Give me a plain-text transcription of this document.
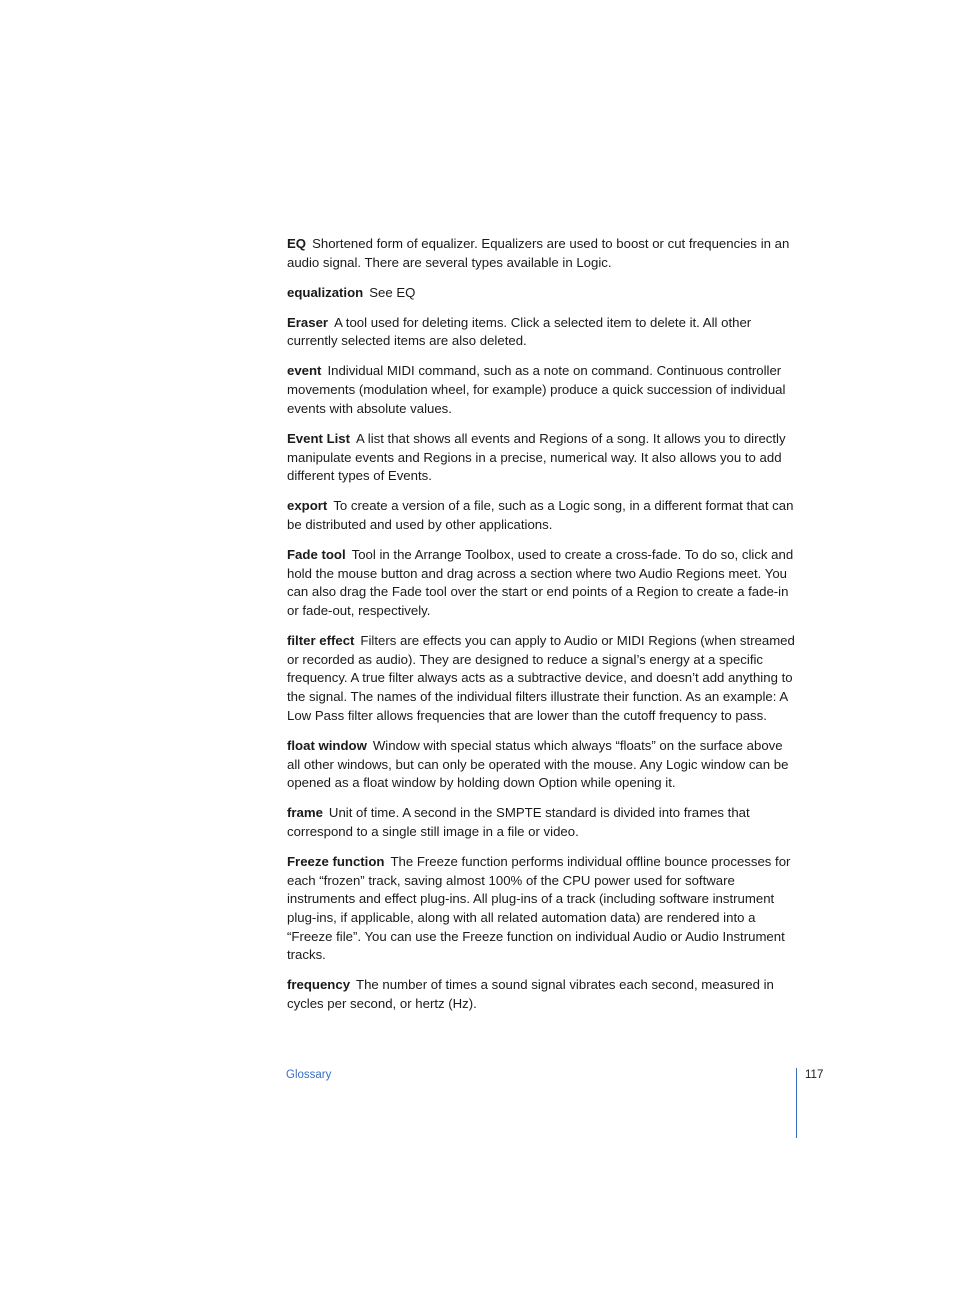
EQ Shortened form of equalizer. Equalizers are used to boost or cut frequencies in an audio signal. There are several types available in Logic.

equalization See EQ

Eraser A tool used for deleting items. Click a selected item to delete it. All other currently selected items are also deleted.

event Individual MIDI command, such as a note on command. Continuous controller movements (modulation wheel, for example) produce a quick succession of individual events with absolute values.

Event List A list that shows all events and Regions of a song. It allows you to directly manipulate events and Regions in a precise, numerical way. It also allows you to add different types of Events.

export To create a version of a file, such as a Logic song, in a different format that can be distributed and used by other applications.

Fade tool Tool in the Arrange Toolbox, used to create a cross-fade. To do so, click and hold the mouse button and drag across a section where two Audio Regions meet. You can also drag the Fade tool over the start or end points of a Region to create a fade-in or fade-out, respectively.

filter effect Filters are effects you can apply to Audio or MIDI Regions (when streamed or recorded as audio). They are designed to reduce a signal’s energy at a specific frequency. A true filter always acts as a subtractive device, and doesn’t add anything to the signal. The names of the individual filters illustrate their function. As an example: A Low Pass filter allows frequencies that are lower than the cutoff frequency to pass.

float window Window with special status which always “floats” on the surface above all other windows, but can only be operated with the mouse. Any Logic window can be opened as a float window by holding down Option while opening it.

frame Unit of time. A second in the SMPTE standard is divided into frames that correspond to a single still image in a file or video.

Freeze function The Freeze function performs individual offline bounce processes for each “frozen” track, saving almost 100% of the CPU power used for software instruments and effect plug-ins. All plug-ins of a track (including software instrument plug-ins, if applicable, along with all related automation data) are rendered into a “Freeze file”. You can use the Freeze function on individual Audio or Audio Instrument tracks.

frequency The number of times a sound signal vibrates each second, measured in cycles per second, or hertz (Hz).

Glossary	117
